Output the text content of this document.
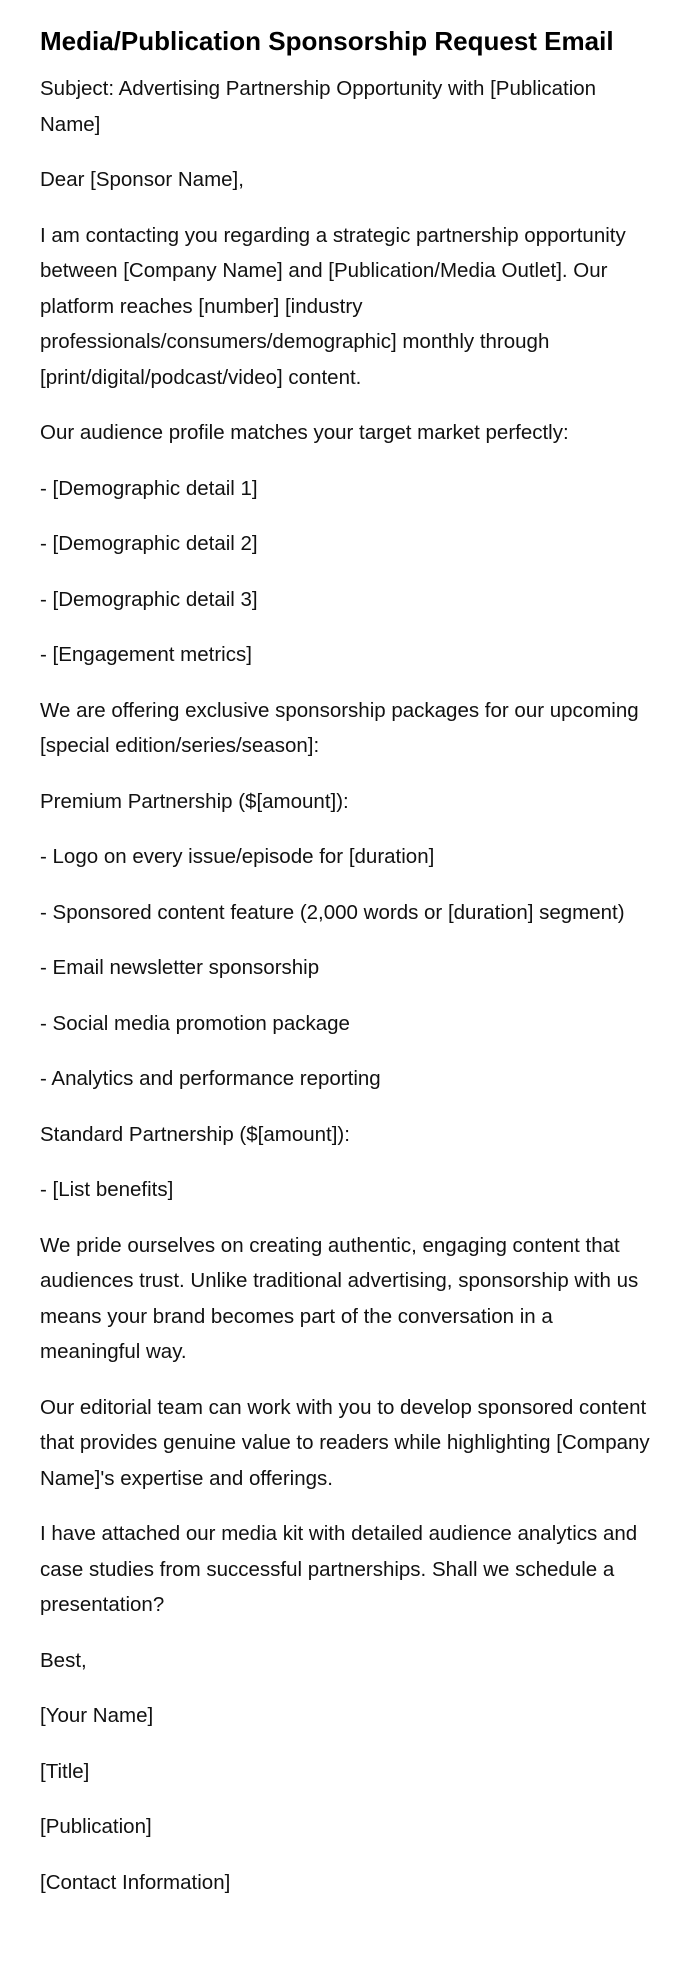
Media/Publication Sponsorship Request Email

Subject: Advertising Partnership Opportunity with [Publication Name]

Dear [Sponsor Name],

I am contacting you regarding a strategic partnership opportunity between [Company Name] and [Publication/Media Outlet]. Our platform reaches [number] [industry professionals/consumers/demographic] monthly through [print/digital/podcast/video] content.

Our audience profile matches your target market perfectly:

- [Demographic detail 1]

- [Demographic detail 2]

- [Demographic detail 3]

- [Engagement metrics]

We are offering exclusive sponsorship packages for our upcoming [special edition/series/season]:

Premium Partnership ($[amount]):

- Logo on every issue/episode for [duration]

- Sponsored content feature (2,000 words or [duration] segment)

- Email newsletter sponsorship

- Social media promotion package

- Analytics and performance reporting

Standard Partnership ($[amount]):

- [List benefits]

We pride ourselves on creating authentic, engaging content that audiences trust. Unlike traditional advertising, sponsorship with us means your brand becomes part of the conversation in a meaningful way.

Our editorial team can work with you to develop sponsored content that provides genuine value to readers while highlighting [Company Name]'s expertise and offerings.

I have attached our media kit with detailed audience analytics and case studies from successful partnerships. Shall we schedule a presentation?

Best,

[Your Name]

[Title]

[Publication]

[Contact Information]
